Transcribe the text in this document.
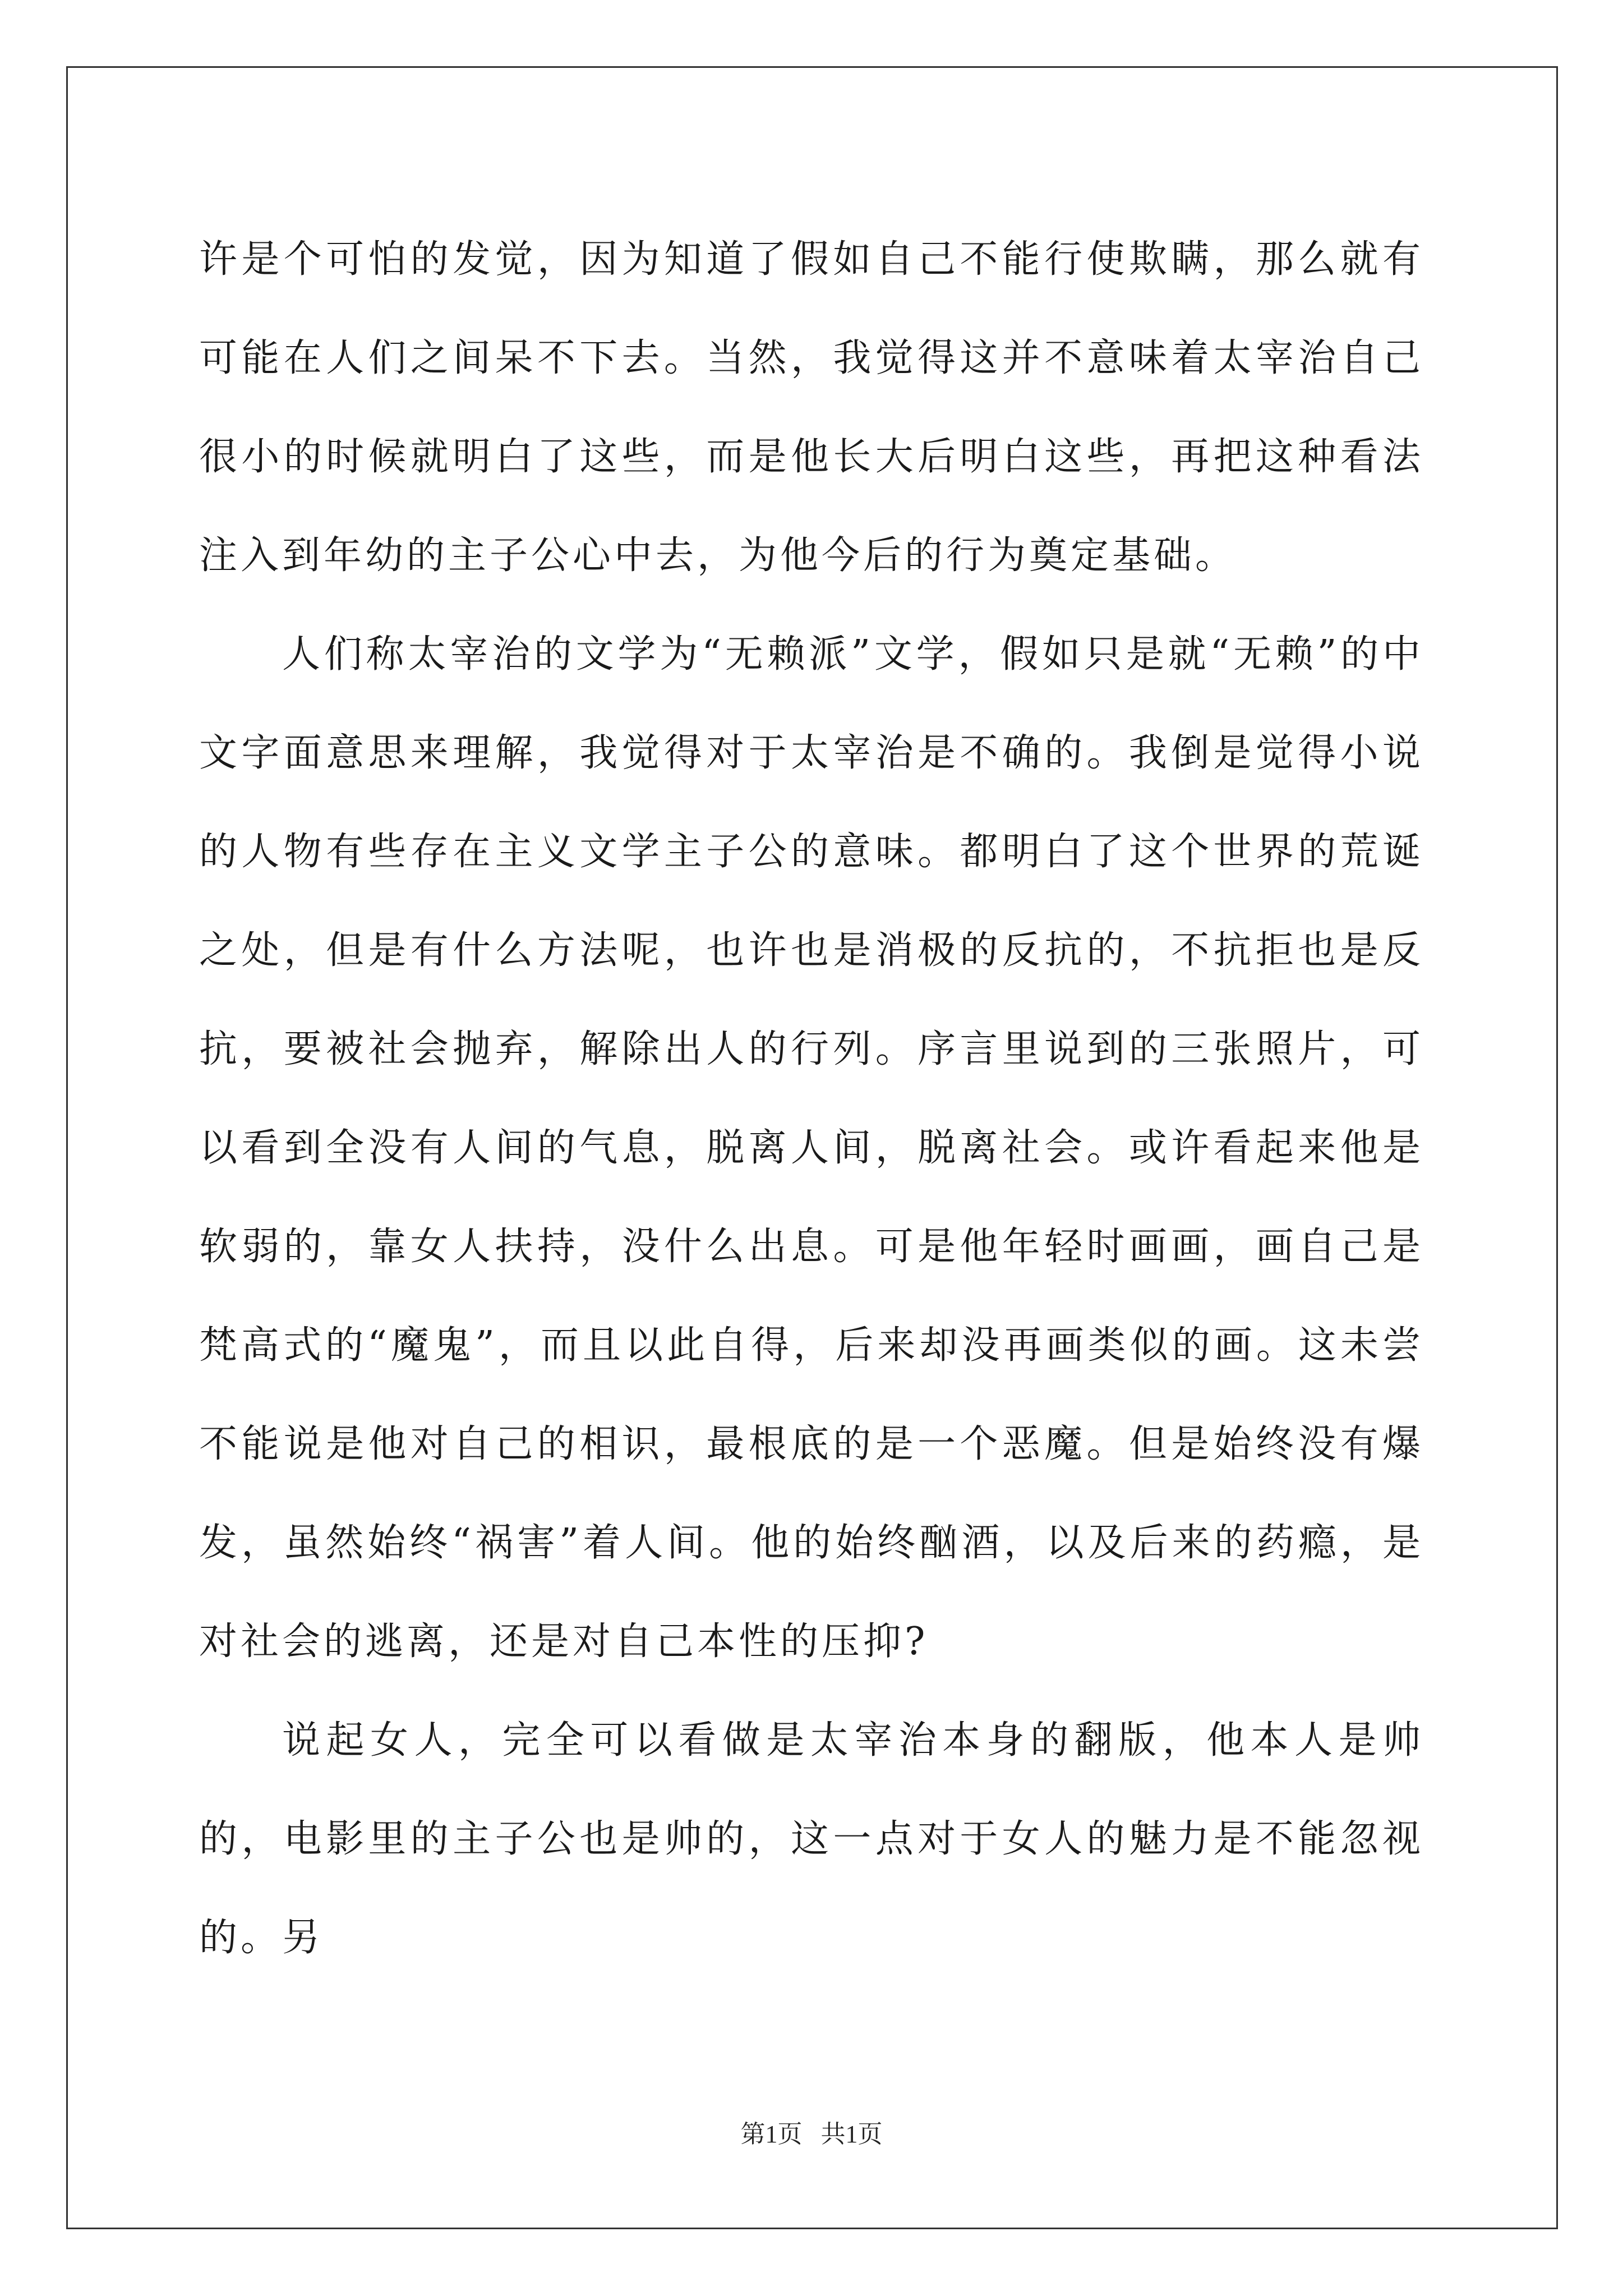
许是个可怕的发觉，因为知道了假如自己不能行使欺瞒，那么就有可能在人们之间呆不下去。当然，我觉得这并不意味着太宰治自己很小的时候就明白了这些，而是他长大后明白这些，再把这种看法注入到年幼的主子公心中去，为他今后的行为奠定基础。

人们称太宰治的文学为“无赖派”文学，假如只是就“无赖”的中文字面意思来理解，我觉得对于太宰治是不确的。我倒是觉得小说的人物有些存在主义文学主子公的意味。都明白了这个世界的荒诞之处，但是有什么方法呢，也许也是消极的反抗的，不抗拒也是反抗，要被社会抛弃，解除出人的行列。序言里说到的三张照片，可以看到全没有人间的气息，脱离人间，脱离社会。或许看起来他是软弱的，靠女人扶持，没什么出息。可是他年轻时画画，画自己是梵高式的“魔鬼”，而且以此自得，后来却没再画类似的画。这未尝不能说是他对自己的相识，最根底的是一个恶魔。但是始终没有爆发，虽然始终“祸害”着人间。他的始终酗酒，以及后来的药瘾，是对社会的逃离，还是对自己本性的压抑?

说起女人，完全可以看做是太宰治本身的翻版，他本人是帅的，电影里的主子公也是帅的，这一点对于女人的魅力是不能忽视的。另

第1页   共1页
